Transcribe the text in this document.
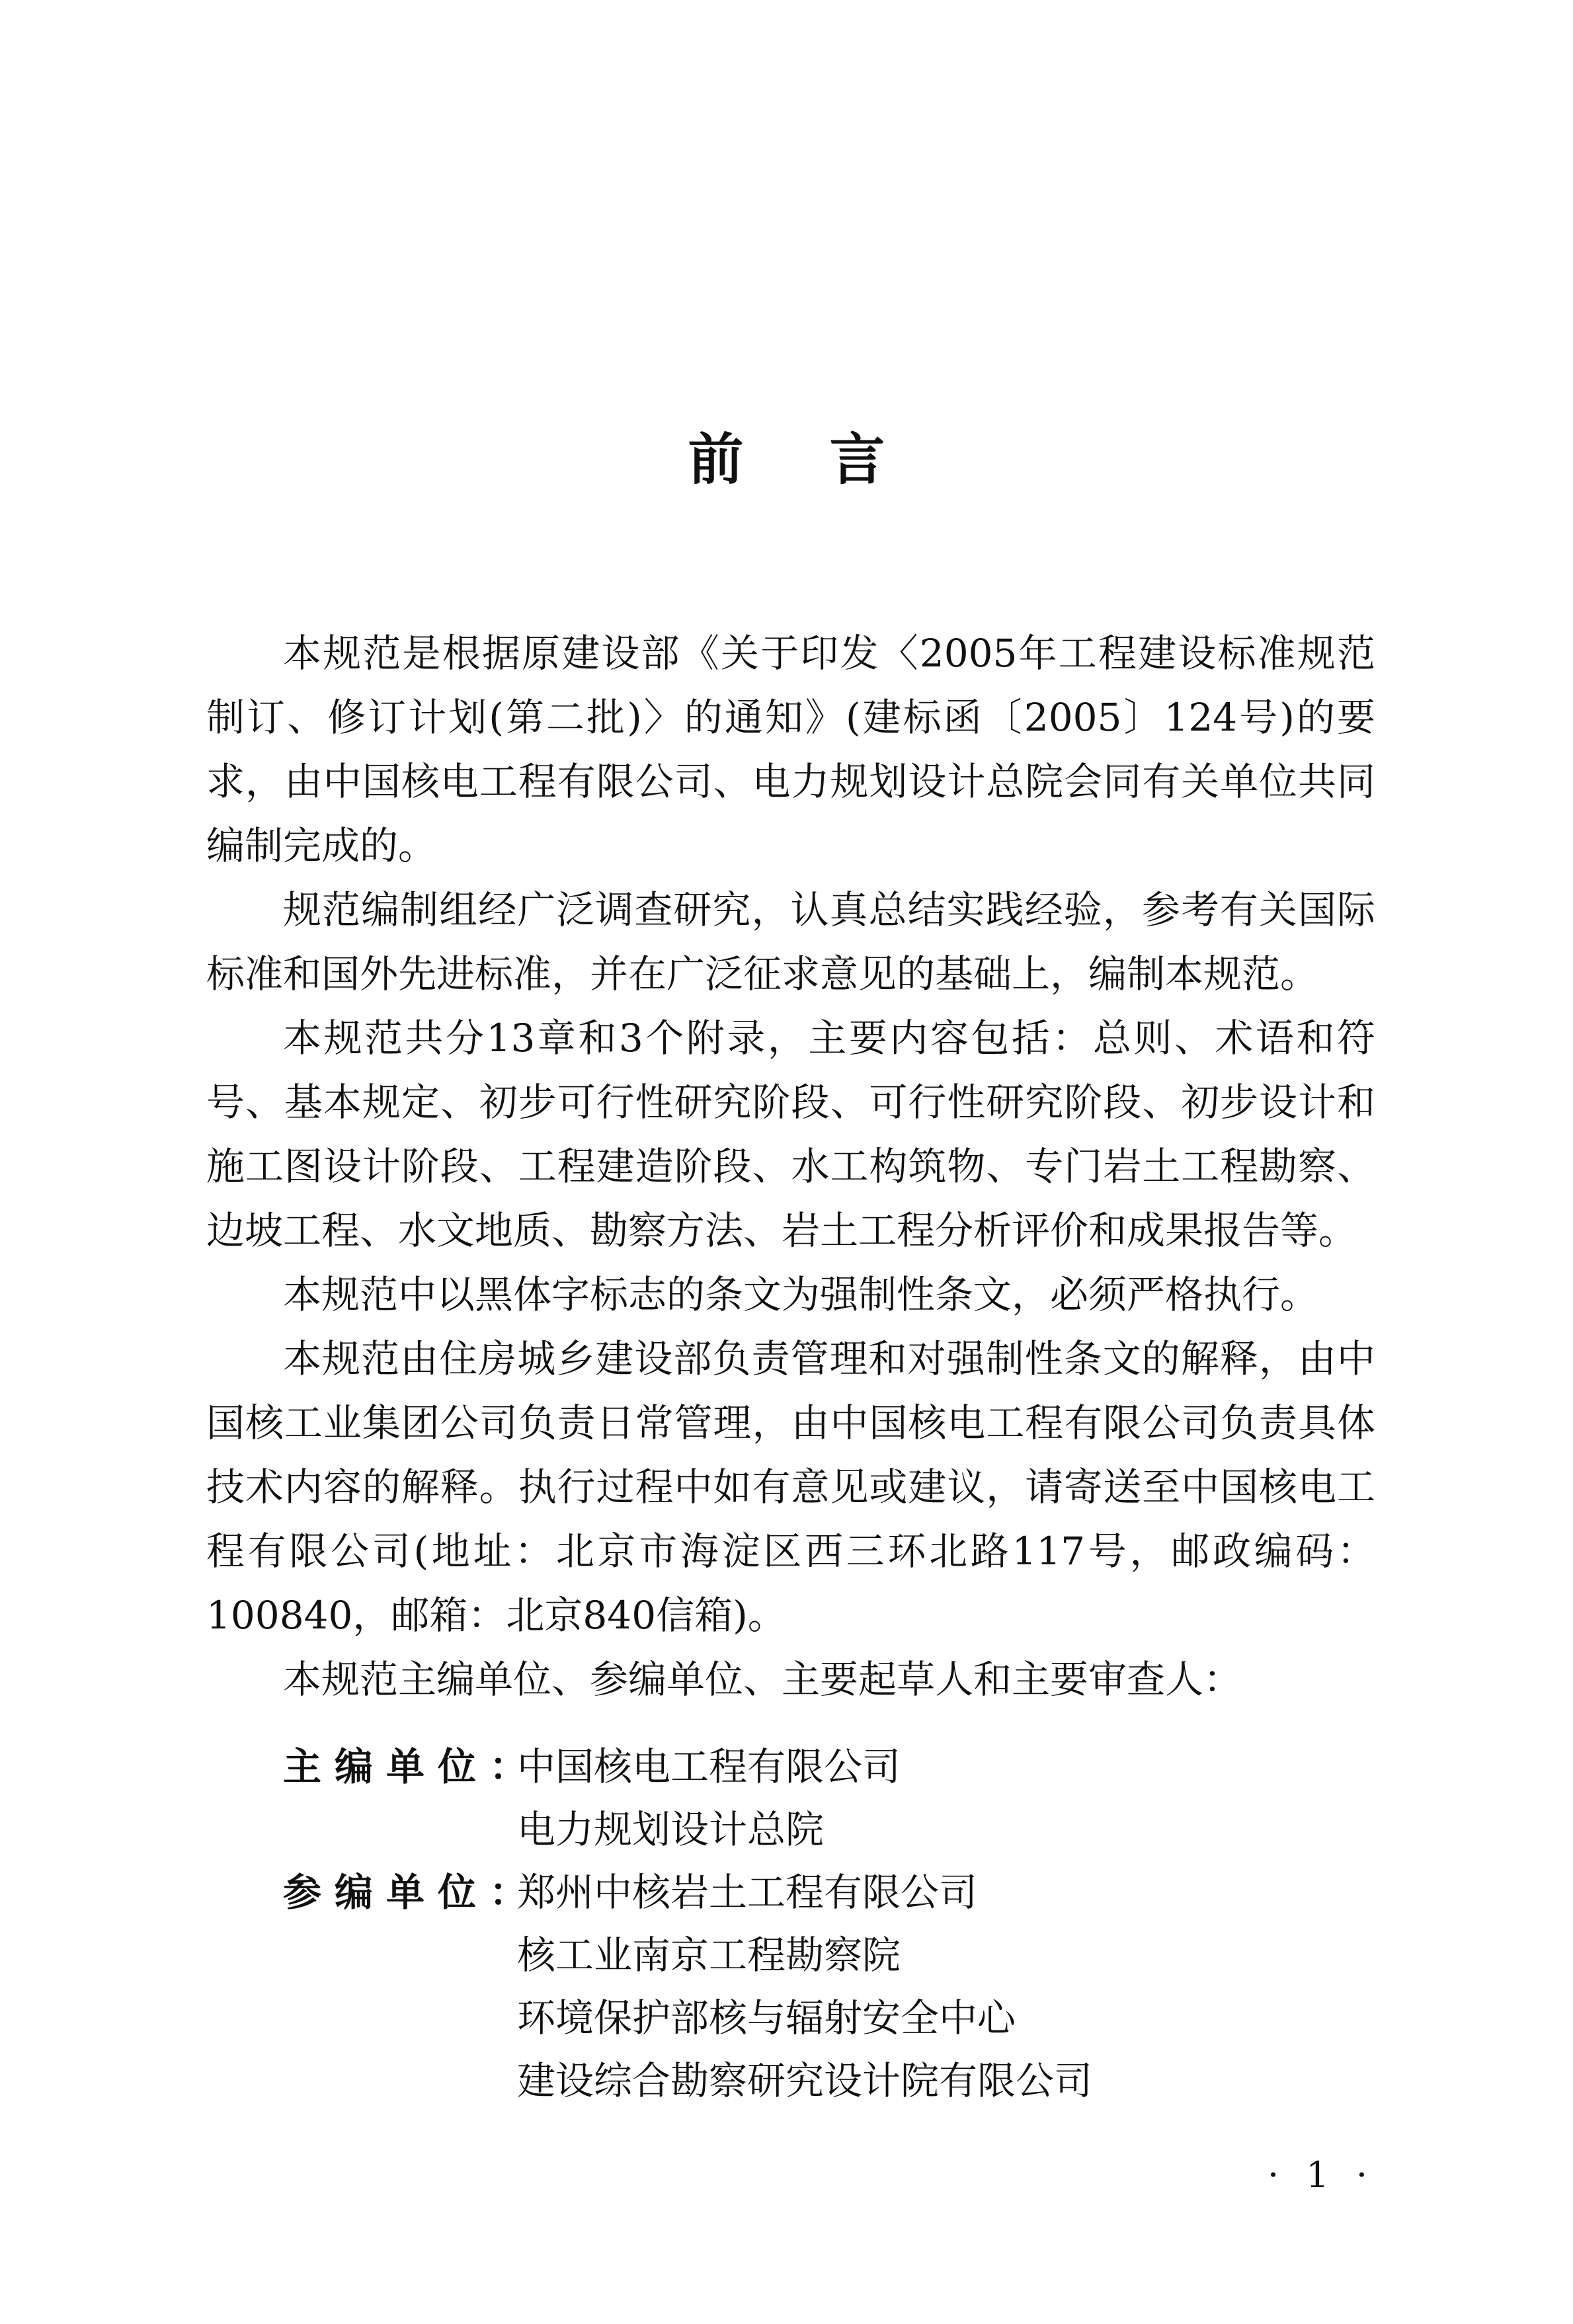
前言

本规范是根据原建设部《关于印发〈2005年工程建设标准规范制订、修订计划(第二批)〉的通知》(建标函〔2005〕124号)的要求，由中国核电工程有限公司、电力规划设计总院会同有关单位共同编制完成的。

规范编制组经广泛调查研究，认真总结实践经验，参考有关国际标准和国外先进标准，并在广泛征求意见的基础上，编制本规范。

本规范共分13章和3个附录，主要内容包括：总则、术语和符号、基本规定、初步可行性研究阶段、可行性研究阶段、初步设计和施工图设计阶段、工程建造阶段、水工构筑物、专门岩土工程勘察、边坡工程、水文地质、勘察方法、岩土工程分析评价和成果报告等。

本规范中以黑体字标志的条文为强制性条文，必须严格执行。

本规范由住房城乡建设部负责管理和对强制性条文的解释，由中国核工业集团公司负责日常管理，由中国核电工程有限公司负责具体技术内容的解释。执行过程中如有意见或建议，请寄送至中国核电工程有限公司(地址：北京市海淀区西三环北路117号，邮政编码：100840，邮箱：北京840信箱)。

本规范主编单位、参编单位、主要起草人和主要审查人：

主编单位：
中国核电工程有限公司
电力规划设计总院
参编单位：
郑州中核岩土工程有限公司
核工业南京工程勘察院
环境保护部核与辐射安全中心
建设综合勘察研究设计院有限公司
· 1 ·
